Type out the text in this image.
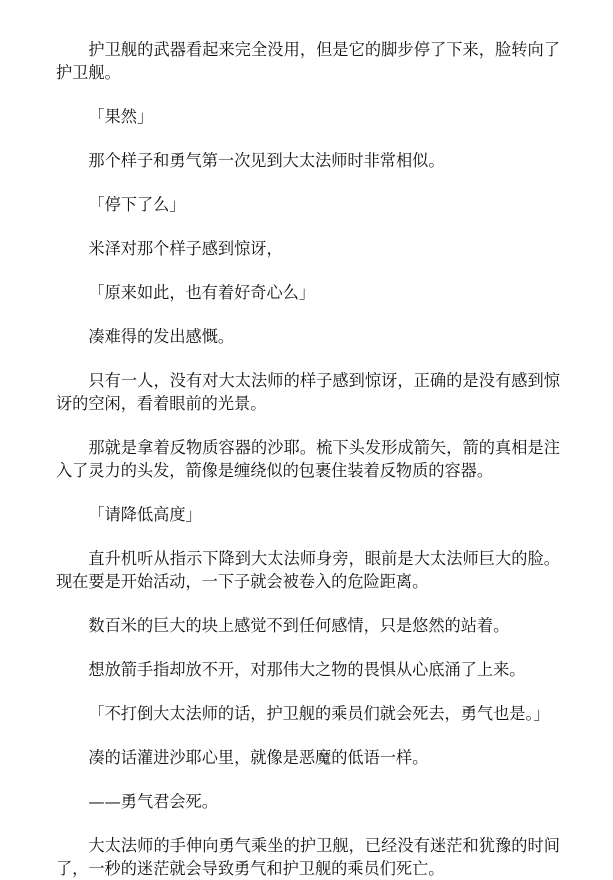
护卫舰的武器看起来完全没用，但是它的脚步停了下来，脸转向了护卫舰。

「果然」

那个样子和勇气第一次见到大太法师时非常相似。

「停下了么」

米泽对那个样子感到惊讶，

「原来如此，也有着好奇心么」

凑难得的发出感慨。

只有一人，没有对大太法师的样子感到惊讶，正确的是没有感到惊讶的空闲，看着眼前的光景。

那就是拿着反物质容器的沙耶。梳下头发形成箭矢，箭的真相是注入了灵力的头发，箭像是缠绕似的包裹住装着反物质的容器。

「请降低高度」

直升机听从指示下降到大太法师身旁，眼前是大太法师巨大的脸。现在要是开始活动，一下子就会被卷入的危险距离。

数百米的巨大的块上感觉不到任何感情，只是悠然的站着。

想放箭手指却放不开，对那伟大之物的畏惧从心底涌了上来。

「不打倒大太法师的话，护卫舰的乘员们就会死去，勇气也是。」

凑的话灌进沙耶心里，就像是恶魔的低语一样。

——勇气君会死。

大太法师的手伸向勇气乘坐的护卫舰，已经没有迷茫和犹豫的时间了，一秒的迷茫就会导致勇气和护卫舰的乘员们死亡。
